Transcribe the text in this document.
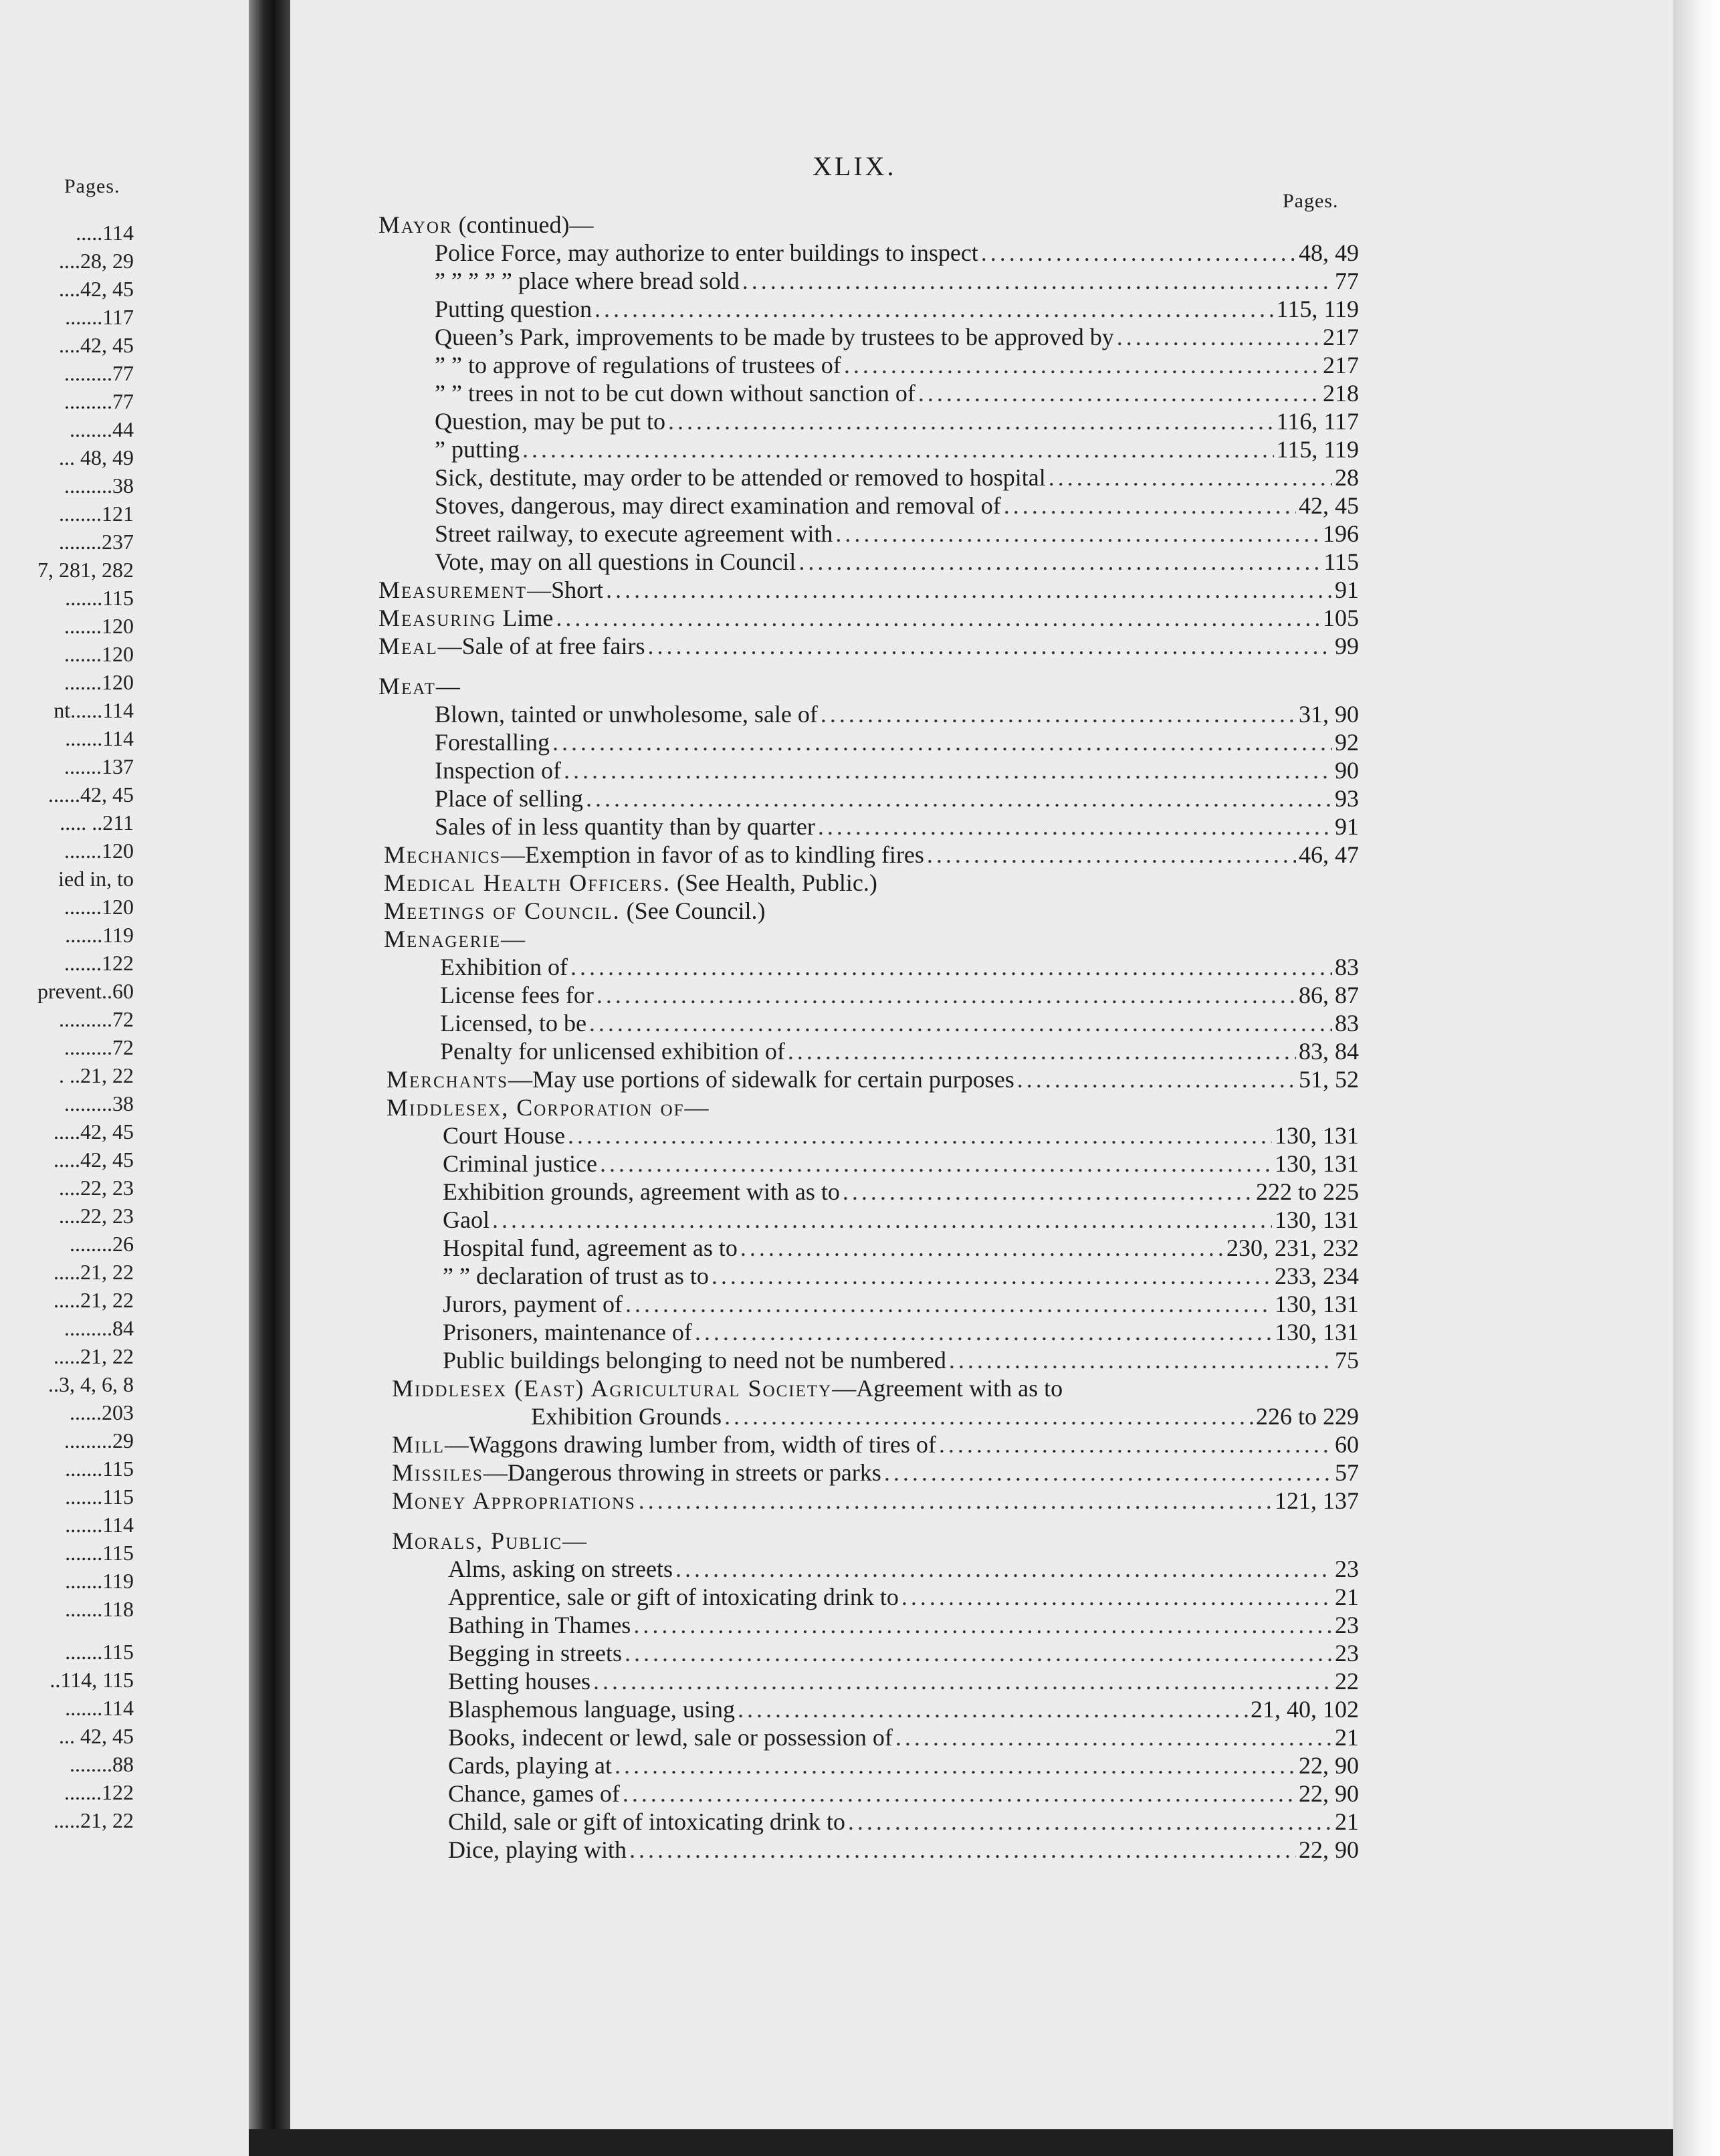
Pages.
.....114
....28, 29
....42, 45
.......117
....42, 45
.........77
.........77
........44
... 48, 49
.........38
........121
........237
7, 281, 282
.......115
.......120
.......120
.......120
nt......114
.......114
.......137
......42, 45
..... ..211
.......120
ied in, to
.......120
.......119
.......122
prevent..60
..........72
.........72
. ..21, 22
.........38
.....42, 45
.....42, 45
....22, 23
....22, 23
........26
.....21, 22
.....21, 22
.........84
.....21, 22
..3, 4, 6, 8
......203
.........29
.......115
.......115
.......114
.......115
.......119
.......118
.......115
..114, 115
.......114
... 42, 45
........88
.......122
.....21, 22
XLIX.
Pages.
Mayor (continued)—
Police Force, may authorize to enter buildings to inspect .....	48, 49
” ” ” ” ” place where bread sold .....	77
Putting question .....	115, 119
Queen’s Park, improvements to be made by trustees to be approved by .....	217
” ” to approve of regulations of trustees of .....	217
” ” trees in not to be cut down without sanction of .....	218
Question, may be put to .....	116, 117
” putting .....	115, 119
Sick, destitute, may order to be attended or removed to hospital .....	28
Stoves, dangerous, may direct examination and removal of .....	42, 45
Street railway, to execute agreement with .....	196
Vote, may on all questions in Council .....	115
Measurement—Short .....	91
Measuring Lime .....	105
Meal—Sale of at free fairs .....	99
Meat—
Blown, tainted or unwholesome, sale of .....	31, 90
Forestalling .....	92
Inspection of .....	90
Place of selling .....	93
Sales of in less quantity than by quarter .....	91
Mechanics—Exemption in favor of as to kindling fires .....	46, 47
Medical Health Officers. (See Health, Public.)
Meetings of Council. (See Council.)
Menagerie—
Exhibition of .....	83
License fees for .....	86, 87
Licensed, to be .....	83
Penalty for unlicensed exhibition of .....	83, 84
Merchants—May use portions of sidewalk for certain purposes .....	51, 52
Middlesex, Corporation of—
Court House .....	130, 131
Criminal justice .....	130, 131
Exhibition grounds, agreement with as to .....	222 to 225
Gaol .....	130, 131
Hospital fund, agreement as to .....	230, 231, 232
” ” declaration of trust as to .....	233, 234
Jurors, payment of .....	130, 131
Prisoners, maintenance of .....	130, 131
Public buildings belonging to need not be numbered .....	75
Middlesex (East) Agricultural Society—Agreement with as to
Exhibition Grounds .....	226 to 229
Mill—Waggons drawing lumber from, width of tires of .....	60
Missiles—Dangerous throwing in streets or parks .....	57
Money Appropriations .....	121, 137
Morals, Public—
Alms, asking on streets .....	23
Apprentice, sale or gift of intoxicating drink to .....	21
Bathing in Thames .....	23
Begging in streets .....	23
Betting houses .....	22
Blasphemous language, using .....	21, 40, 102
Books, indecent or lewd, sale or possession of .....	21
Cards, playing at .....	22, 90
Chance, games of .....	22, 90
Child, sale or gift of intoxicating drink to .....	21
Dice, playing with .....	22, 90
